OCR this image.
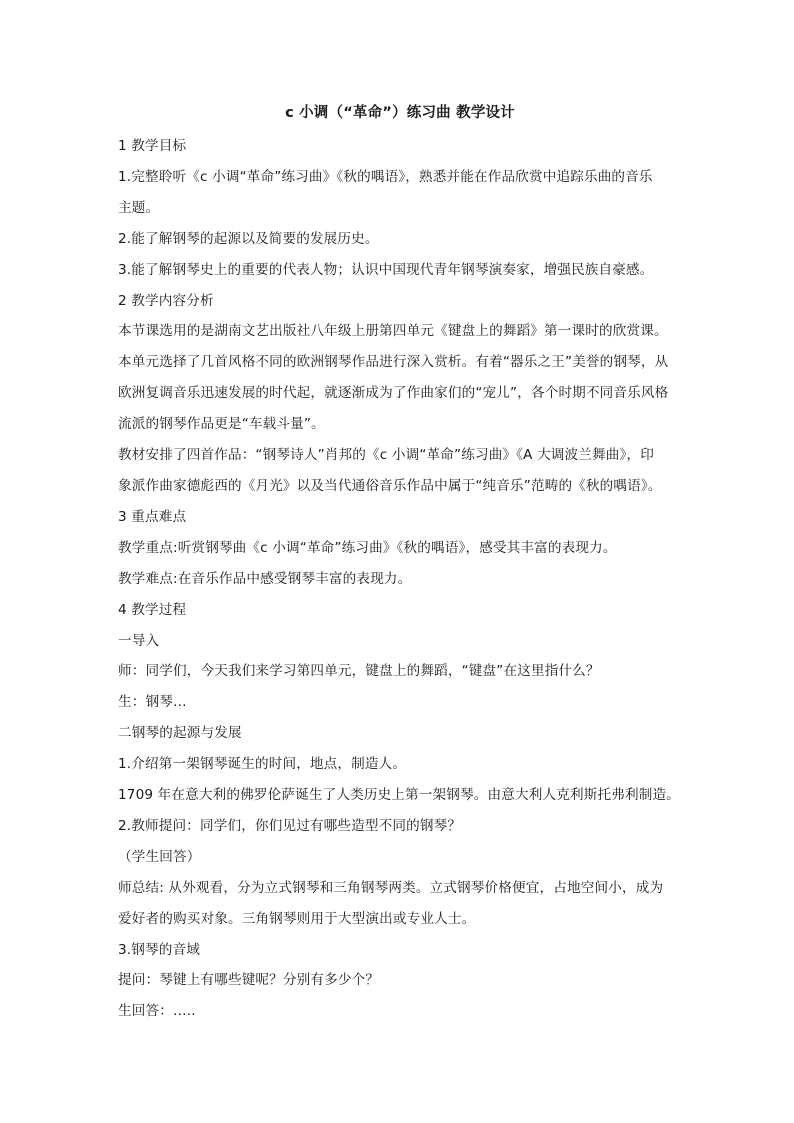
c 小调（“革命”）练习曲 教学设计
1 教学目标
1.完整聆听《c 小调“革命”练习曲》《秋的喁语》，熟悉并能在作品欣赏中追踪乐曲的音乐
主题。
2.能了解钢琴的起源以及简要的发展历史。
3.能了解钢琴史上的重要的代表人物；认识中国现代青年钢琴演奏家，增强民族自豪感。
2 教学内容分析
本节课选用的是湖南文艺出版社八年级上册第四单元《键盘上的舞蹈》第一课时的欣赏课。
本单元选择了几首风格不同的欧洲钢琴作品进行深入赏析。有着“器乐之王”美誉的钢琴，从
欧洲复调音乐迅速发展的时代起，就逐渐成为了作曲家们的“宠儿”，各个时期不同音乐风格
流派的钢琴作品更是“车载斗量”。
教材安排了四首作品：“钢琴诗人”肖邦的《c 小调“革命”练习曲》《A 大调波兰舞曲》，印
象派作曲家德彪西的《月光》以及当代通俗音乐作品中属于“纯音乐”范畴的《秋的喁语》。
3 重点难点
教学重点:听赏钢琴曲《c 小调“革命”练习曲》《秋的喁语》，感受其丰富的表现力。
教学难点:在音乐作品中感受钢琴丰富的表现力。
4 教学过程
一导入
师：同学们，今天我们来学习第四单元，键盘上的舞蹈，“键盘”在这里指什么？
生：钢琴…
二钢琴的起源与发展
1.介绍第一架钢琴诞生的时间，地点，制造人。
1709 年在意大利的佛罗伦萨诞生了人类历史上第一架钢琴。由意大利人克利斯托弗利制造。
2.教师提问：同学们，你们见过有哪些造型不同的钢琴？
（学生回答）
师总结: 从外观看，分为立式钢琴和三角钢琴两类。立式钢琴价格便宜，占地空间小，成为
爱好者的购买对象。三角钢琴则用于大型演出或专业人士。
3.钢琴的音域
提问：琴键上有哪些键呢？分别有多少个？
生回答：…..
